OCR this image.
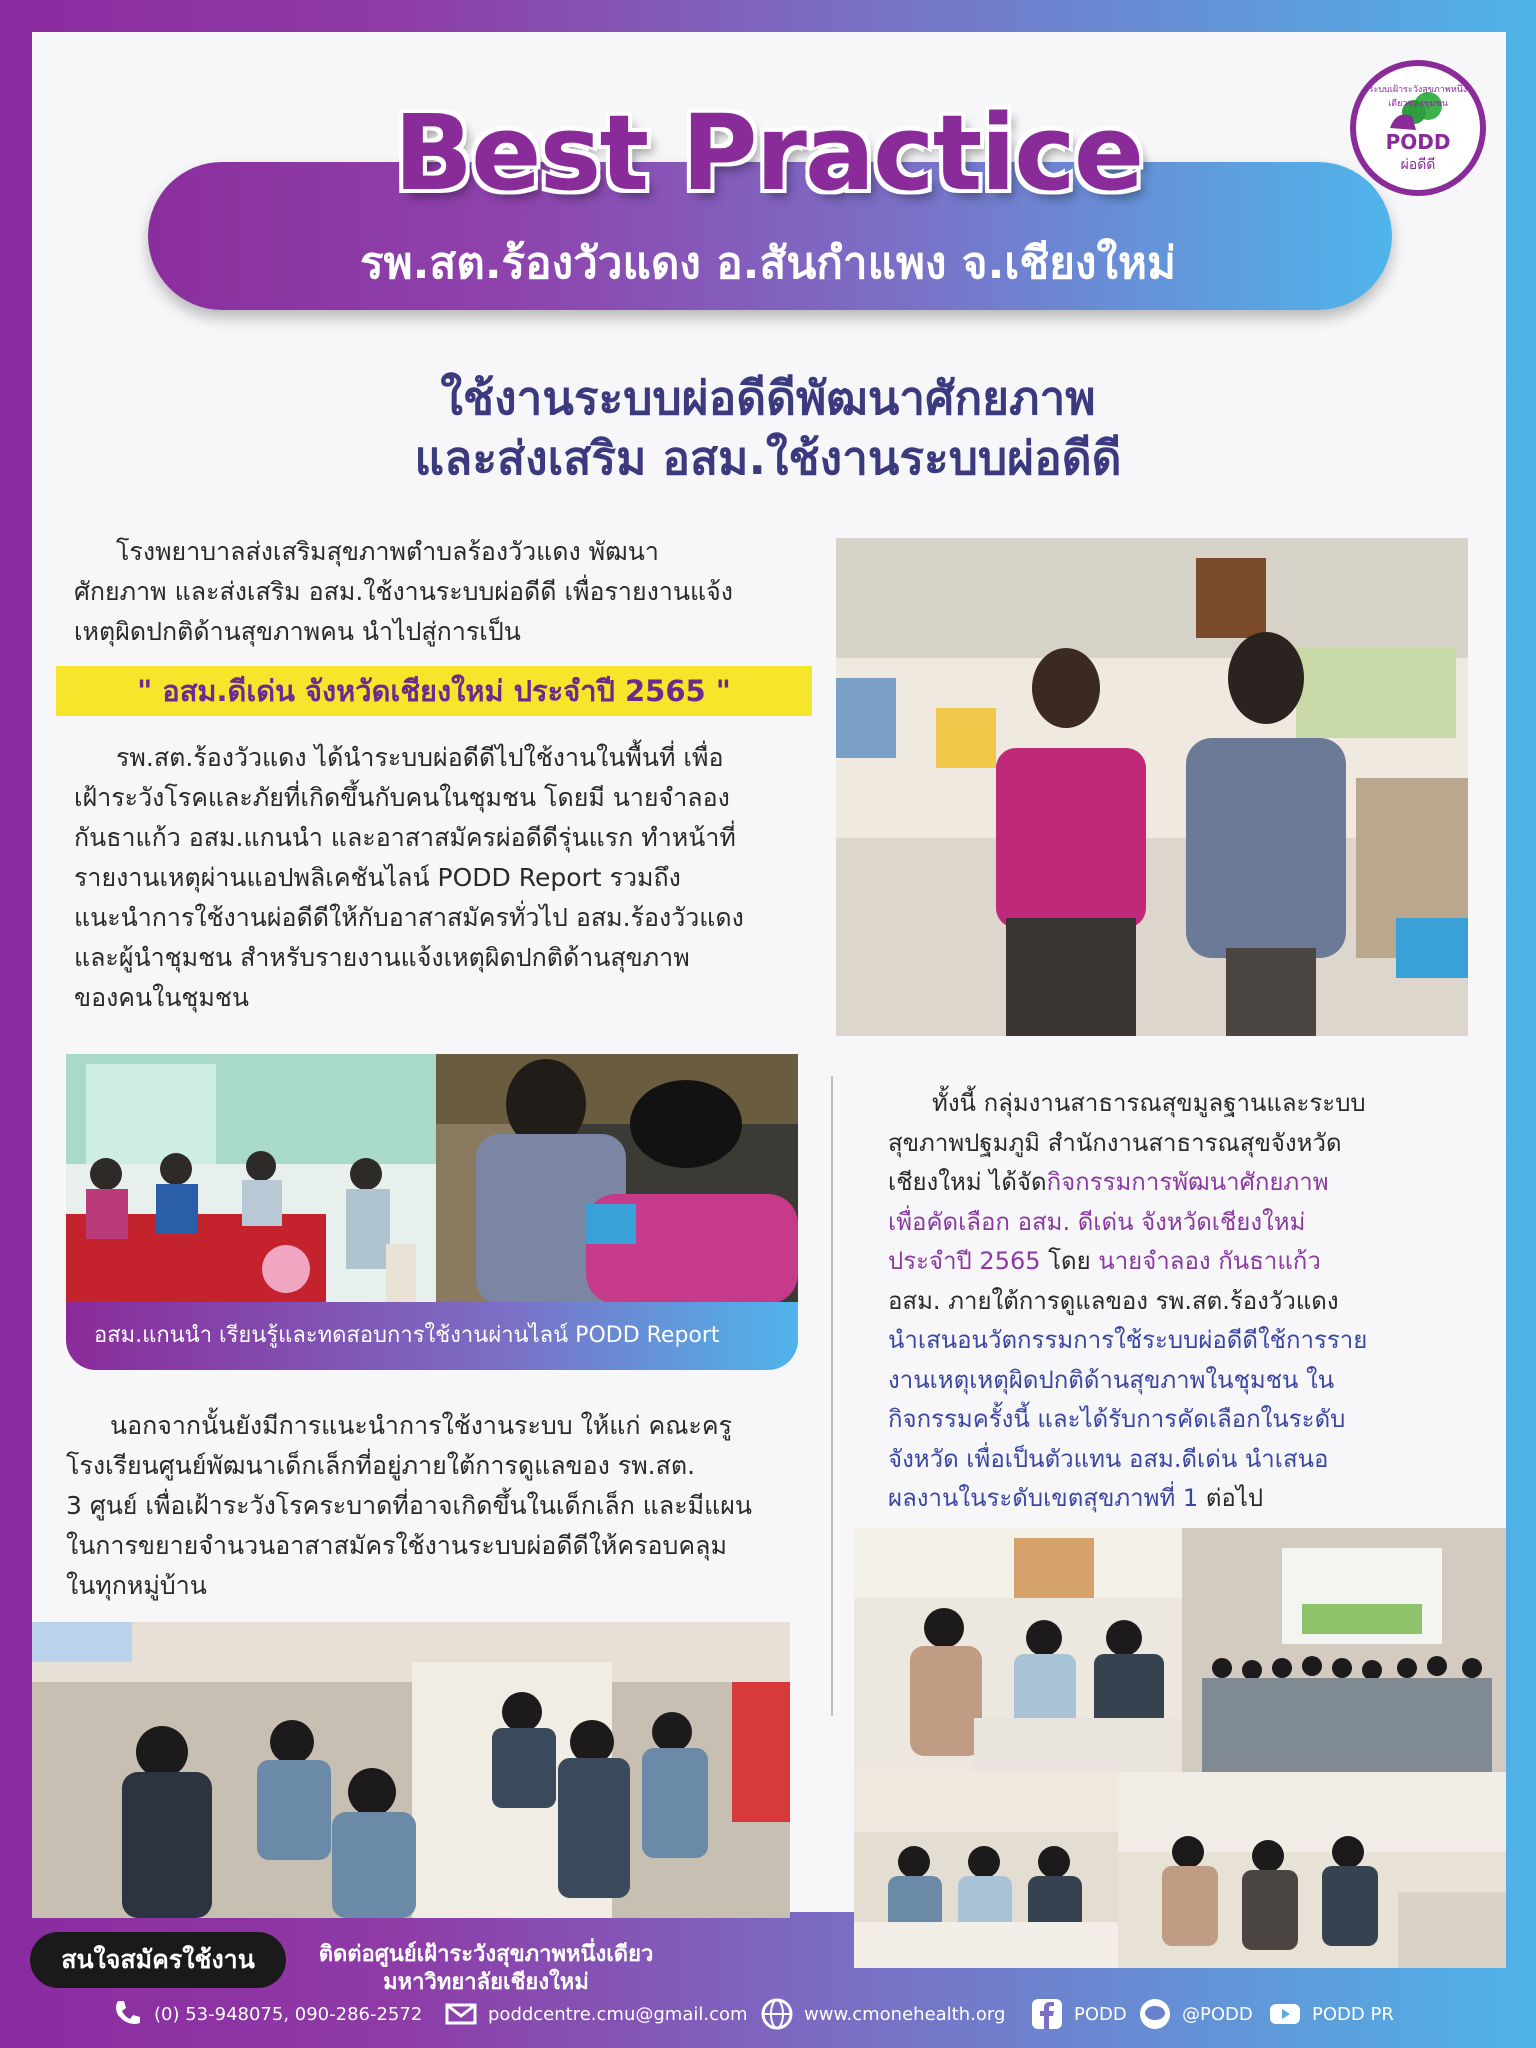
ระบบเฝ้าระวังสุขภาพหนึ่งเดียวของชุมชน
PODD
ผ่อดีดี
Best Practice
รพ.สต.ร้องวัวแดง อ.สันกำแพง จ.เชียงใหม่
ใช้งานระบบผ่อดีดีพัฒนาศักยภาพ
และส่งเสริม อสม.ใช้งานระบบผ่อดีดี

โรงพยาบาลส่งเสริมสุขภาพตำบลร้องวัวแดง พัฒนา

ศักยภาพ และส่งเสริม อสม.ใช้งานระบบผ่อดีดี เพื่อรายงานแจ้ง

เหตุผิดปกติด้านสุขภาพคน นำไปสู่การเป็น

" อสม.ดีเด่น จังหวัดเชียงใหม่ ประจำปี 2565 "

รพ.สต.ร้องวัวแดง ได้นำระบบผ่อดีดีไปใช้งานในพื้นที่ เพื่อ

เฝ้าระวังโรคและภัยที่เกิดขึ้นกับคนในชุมชน โดยมี นายจำลอง

กันธาแก้ว อสม.แกนนำ และอาสาสมัครผ่อดีดีรุ่นแรก ทำหน้าที่

รายงานเหตุผ่านแอปพลิเคชันไลน์ PODD Report รวมถึง

แนะนำการใช้งานผ่อดีดีให้กับอาสาสมัครทั่วไป อสม.ร้องวัวแดง

และผู้นำชุมชน สำหรับรายงานแจ้งเหตุผิดปกติด้านสุขภาพ

ของคนในชุมชน

อสม.แกนนำ เรียนรู้และทดสอบการใช้งานผ่านไลน์ PODD Report

ทั้งนี้ กลุ่มงานสาธารณสุขมูลฐานและระบบ

สุขภาพปฐมภูมิ สำนักงานสาธารณสุขจังหวัด

เชียงใหม่ ได้จัดกิจกรรมการพัฒนาศักยภาพ

เพื่อคัดเลือก อสม. ดีเด่น จังหวัดเชียงใหม่

ประจำปี 2565 โดย นายจำลอง กันธาแก้ว

อสม. ภายใต้การดูแลของ รพ.สต.ร้องวัวแดง

นำเสนอนวัตกรรมการใช้ระบบผ่อดีดีใช้การราย

งานเหตุเหตุผิดปกติด้านสุขภาพในชุมชน ใน

กิจกรรมครั้งนี้ และได้รับการคัดเลือกในระดับ

จังหวัด เพื่อเป็นตัวแทน อสม.ดีเด่น นำเสนอ

ผลงานในระดับเขตสุขภาพที่ 1 ต่อไป

นอกจากนั้นยังมีการแนะนำการใช้งานระบบ ให้แก่ คณะครู

โรงเรียนศูนย์พัฒนาเด็กเล็กที่อยู่ภายใต้การดูแลของ รพ.สต.

3 ศูนย์ เพื่อเฝ้าระวังโรคระบาดที่อาจเกิดขึ้นในเด็กเล็ก และมีแผน

ในการขยายจำนวนอาสาสมัครใช้งานระบบผ่อดีดีให้ครอบคลุม

ในทุกหมู่บ้าน

สนใจสมัครใช้งาน	ติดต่อศูนย์เฝ้าระวังสุขภาพหนึ่งเดียว
มหาวิทยาลัยเชียงใหม่
(0) 53-948075, 090-286-2572	poddcentre.cmu@gmail.com	www.cmonehealth.org	PODD	@PODD	PODD PR
